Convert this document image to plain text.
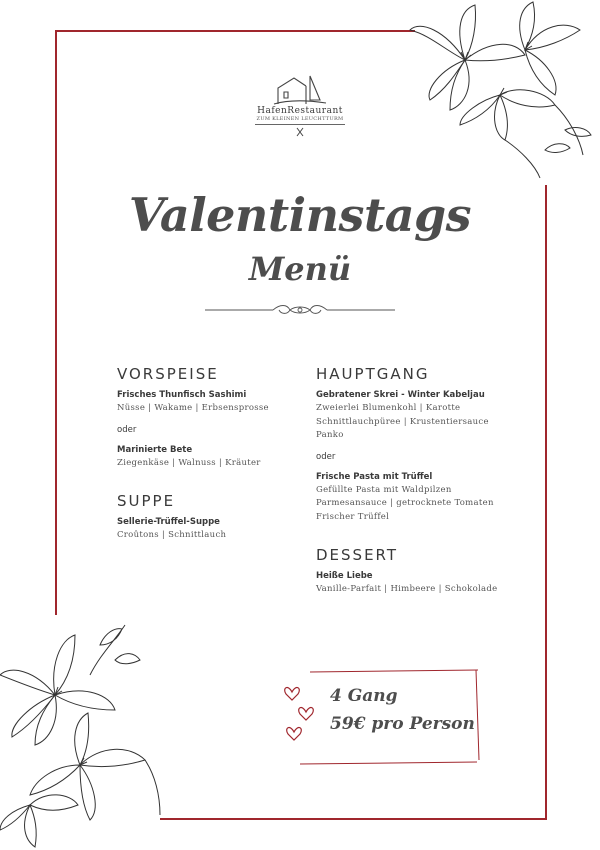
HafenRestaurant
ZUM KLEINEN LEUCHTTURM
Valentinstags
Menü
VORSPEISE
Frisches Thunfisch Sashimi
Nüsse | Wakame | Erbsensprosse
oder
Marinierte Bete
Ziegenkäse | Walnuss | Kräuter
SUPPE
Sellerie-Trüffel-Suppe
Croûtons | Schnittlauch
HAUPTGANG
Gebratener Skrei - Winter Kabeljau
Zweierlei Blumenkohl | Karotte
Schnittlauchpüree | Krustentiersauce
Panko
oder
Frische Pasta mit Trüffel
Gefüllte Pasta mit Waldpilzen
Parmesansauce | getrocknete Tomaten
Frischer Trüffel
DESSERT
Heiße Liebe
Vanille-Parfait | Himbeere | Schokolade
4 Gang
59€ pro Person
